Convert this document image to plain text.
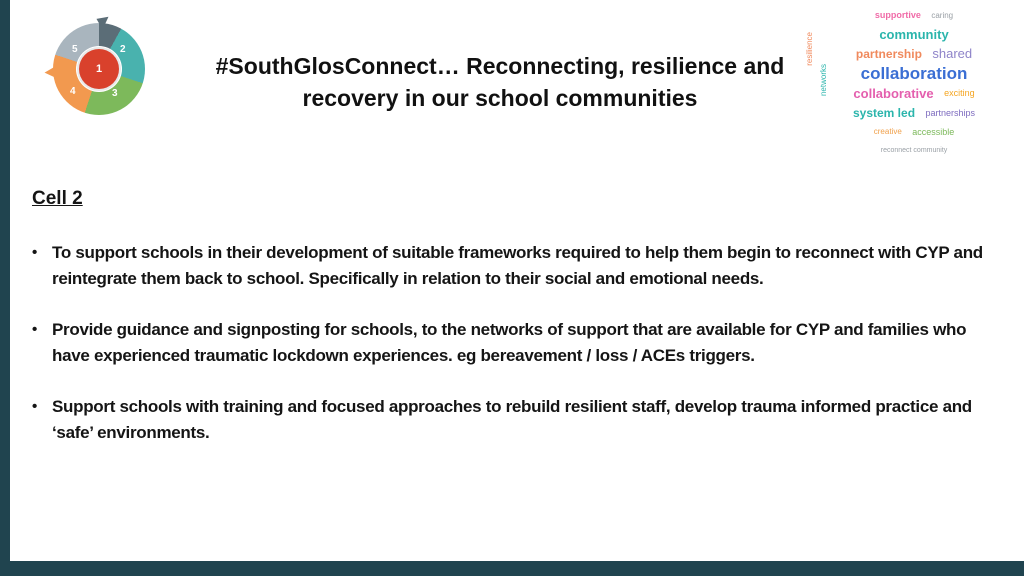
2
3
4
5
1	#SouthGlosConnect… Reconnecting, resilience and
recovery in our school communities
resilience
networks
supportive caring
community
partnership shared
collaboration
collaborative exciting
system led partnerships
creative accessible
reconnect community
Cell 2
• To support schools in their development of suitable frameworks required to help them begin to reconnect with CYP and reintegrate them back to school. Specifically in relation to their social and emotional needs.
• Provide guidance and signposting for schools, to the networks of support that are available for CYP and families who have experienced traumatic lockdown experiences. eg bereavement / loss / ACEs triggers.
• Support schools with training and focused approaches to rebuild resilient staff, develop trauma informed practice and ‘safe’ environments.
